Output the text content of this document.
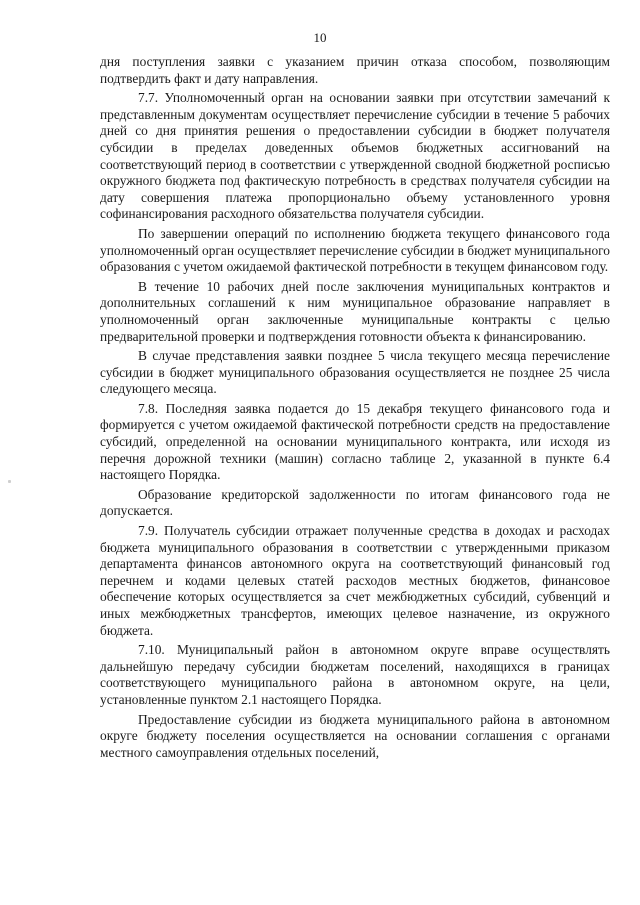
10

дня поступления заявки с указанием причин отказа способом, позволяющим подтвердить факт и дату направления.

7.7. Уполномоченный орган на основании заявки при отсутствии замечаний к представленным документам осуществляет перечисление субсидии в течение 5 рабочих дней со дня принятия решения о предоставлении субсидии в бюджет получателя субсидии в пределах доведенных объемов бюджетных ассигнований на соответствующий период в соответствии с утвержденной сводной бюджетной росписью окружного бюджета под фактическую потребность в средствах получателя субсидии на дату совершения платежа пропорционально объему установленного уровня софинансирования расходного обязательства получателя субсидии.

По завершении операций по исполнению бюджета текущего финансового года уполномоченный орган осуществляет перечисление субсидии в бюджет муниципального образования с учетом ожидаемой фактической потребности в текущем финансовом году.

В течение 10 рабочих дней после заключения муниципальных контрактов и дополнительных соглашений к ним муниципальное образование направляет в уполномоченный орган заключенные муниципальные контракты с целью предварительной проверки и подтверждения готовности объекта к финансированию.

В случае представления заявки позднее 5 числа текущего месяца перечисление субсидии в бюджет муниципального образования осуществляется не позднее 25 числа следующего месяца.

7.8. Последняя заявка подается до 15 декабря текущего финансового года и формируется с учетом ожидаемой фактической потребности средств на предоставление субсидий, определенной на основании муниципального контракта, или исходя из перечня дорожной техники (машин) согласно таблице 2, указанной в пункте 6.4 настоящего Порядка.

Образование кредиторской задолженности по итогам финансового года не допускается.

7.9. Получатель субсидии отражает полученные средства в доходах и расходах бюджета муниципального образования в соответствии с утвержденными приказом департамента финансов автономного округа на соответствующий финансовый год перечнем и кодами целевых статей расходов местных бюджетов, финансовое обеспечение которых осуществляется за счет межбюджетных субсидий, субвенций и иных межбюджетных трансфертов, имеющих целевое назначение, из окружного бюджета.

7.10. Муниципальный район в автономном округе вправе осуществлять дальнейшую передачу субсидии бюджетам поселений, находящихся в границах соответствующего муниципального района в автономном округе, на цели, установленные пунктом 2.1 настоящего Порядка.

Предоставление субсидии из бюджета муниципального района в автономном округе бюджету поселения осуществляется на основании соглашения с органами местного самоуправления отдельных поселений,
